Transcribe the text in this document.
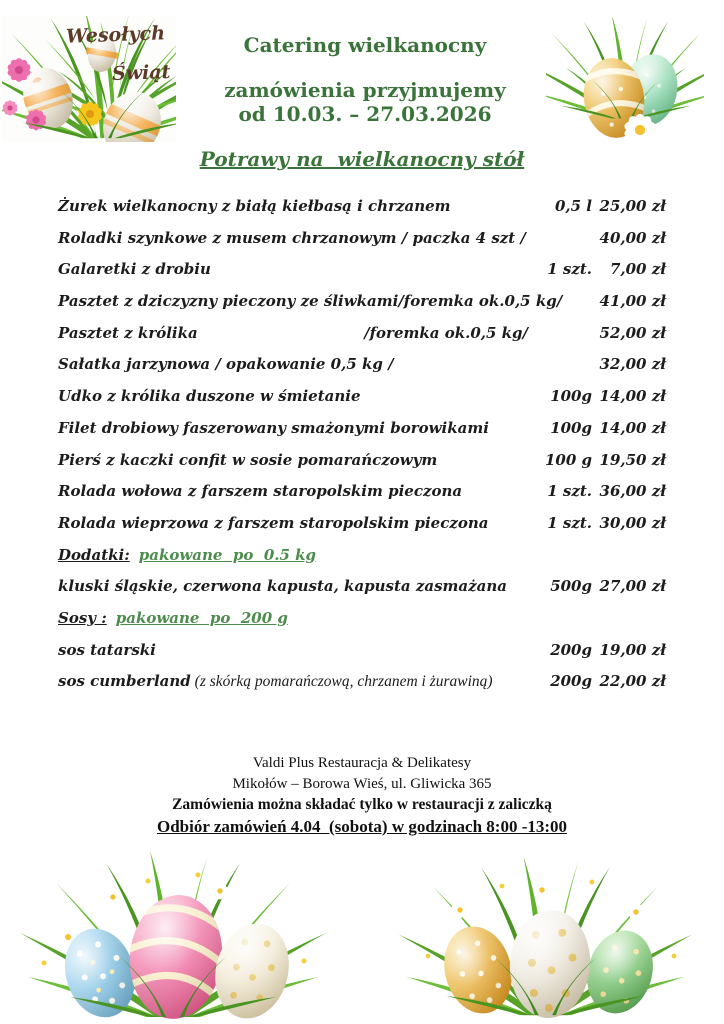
Wesołych
Świąt
Catering wielkanocny
zamówienia przyjmujemy
od 10.03. – 27.03.2026
Potrawy na  wielkanocny stół
Żurek wielkanocny z białą kiełbasą i chrzanem	0,5 l 25,00 zł
Roladki szynkowe z musem chrzanowym / paczka 4 szt /	40,00 zł
Galaretki z drobiu	1 szt.	7,00 zł
Pasztet z dziczyzny pieczony ze śliwkami /foremka ok.0,5 kg/	41,00 zł
Pasztet z królika	/foremka ok.0,5 kg/	52,00 zł
Sałatka jarzynowa / opakowanie 0,5 kg /	32,00 zł
Udko z królika duszone w śmietanie	100g 14,00 zł
Filet drobiowy faszerowany smażonymi borowikami	100g 14,00 zł
Pierś z kaczki confit w sosie pomarańczowym	100 g 19,50 zł
Rolada wołowa z farszem staropolskim pieczona	1 szt. 36,00 zł
Rolada wieprzowa z farszem staropolskim pieczona	1 szt. 30,00 zł
Dodatki: pakowane  po  0.5 kg
kluski śląskie, czerwona kapusta, kapusta zasmażana	500g 27,00 zł
Sosy : pakowane  po  200 g
sos tatarski	200g 19,00 zł
sos cumberland (z skórką pomarańczową, chrzanem i żurawiną)	200g 22,00 zł
Valdi Plus Restauracja & Delikatesy
Mikołów – Borowa Wieś, ul. Gliwicka 365
Zamówienia można składać tylko w restauracji z zaliczką
Odbiór zamówień 4.04  (sobota) w godzinach 8:00 -13:00
